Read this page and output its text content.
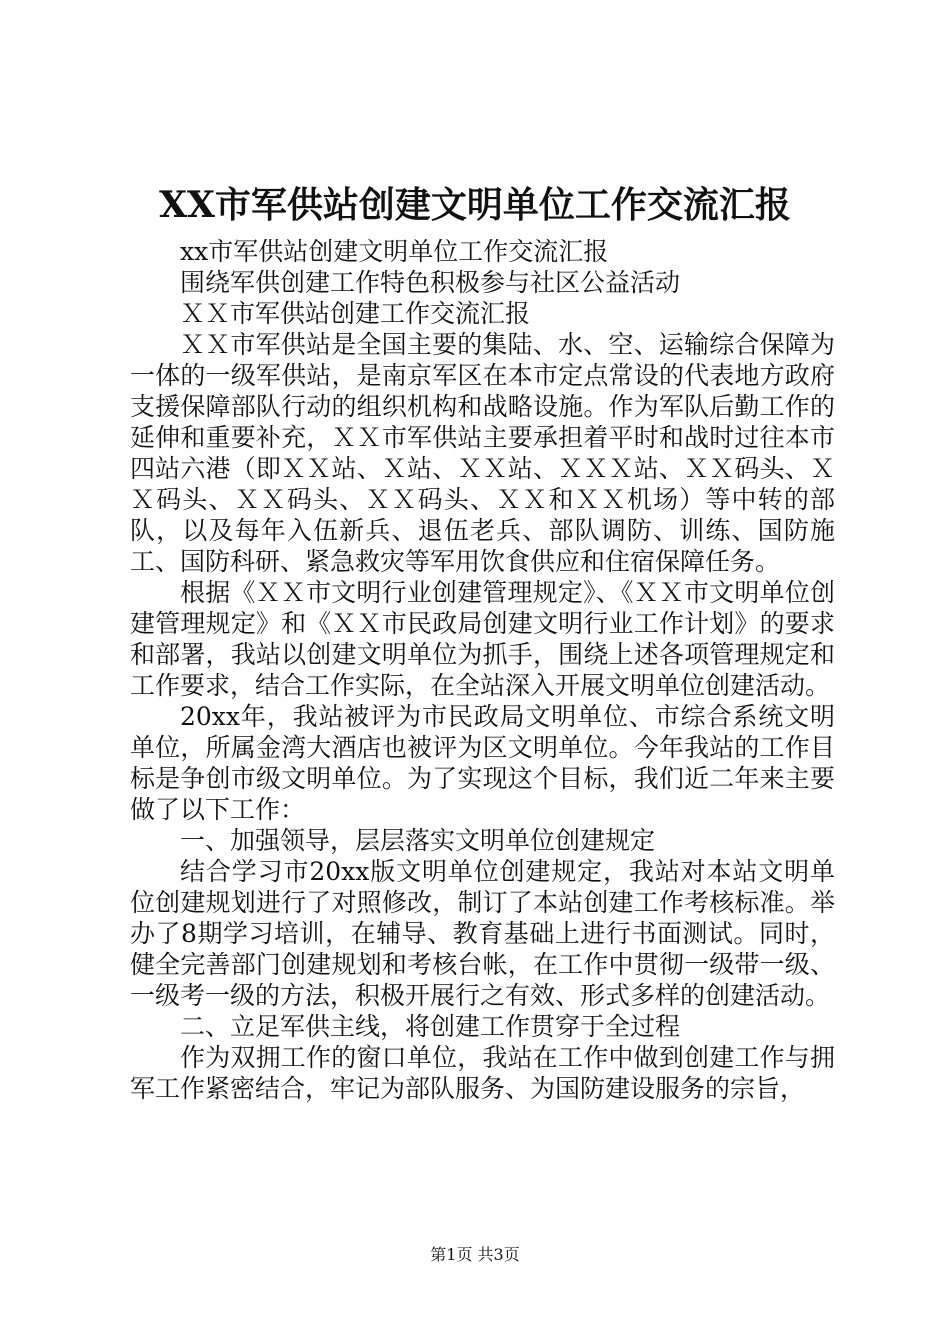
XX市军供站创建文明单位工作交流汇报

xx市军供站创建文明单位工作交流汇报

围绕军供创建工作特色积极参与社区公益活动

ＸＸ市军供站创建工作交流汇报

ＸＸ市军供站是全国主要的集陆、水、空、运输综合保障为一体的一级军供站，是南京军区在本市定点常设的代表地方政府支援保障部队行动的组织机构和战略设施。作为军队后勤工作的延伸和重要补充，ＸＸ市军供站主要承担着平时和战时过往本市四站六港（即ＸＸ站、Ｘ站、ＸＸ站、ＸＸＸ站、ＸＸ码头、ＸＸ码头、ＸＸ码头、ＸＸ码头、ＸＸ和ＸＸ机场）等中转的部队，以及每年入伍新兵、退伍老兵、部队调防、训练、国防施工、国防科研、紧急救灾等军用饮食供应和住宿保障任务。

根据《ＸＸ市文明行业创建管理规定》、《ＸＸ市文明单位创建管理规定》和《ＸＸ市民政局创建文明行业工作计划》的要求和部署，我站以创建文明单位为抓手，围绕上述各项管理规定和工作要求，结合工作实际，在全站深入开展文明单位创建活动。

20xx年，我站被评为市民政局文明单位、市综合系统文明单位，所属金湾大酒店也被评为区文明单位。今年我站的工作目标是争创市级文明单位。为了实现这个目标，我们近二年来主要做了以下工作：

一、加强领导，层层落实文明单位创建规定

结合学习市20xx版文明单位创建规定，我站对本站文明单位创建规划进行了对照修改，制订了本站创建工作考核标准。举办了8期学习培训，在辅导、教育基础上进行书面测试。同时，健全完善部门创建规划和考核台帐，在工作中贯彻一级带一级、一级考一级的方法，积极开展行之有效、形式多样的创建活动。

二、立足军供主线，将创建工作贯穿于全过程

作为双拥工作的窗口单位，我站在工作中做到创建工作与拥军工作紧密结合，牢记为部队服务、为国防建设服务的宗旨，

第1页 共3页
